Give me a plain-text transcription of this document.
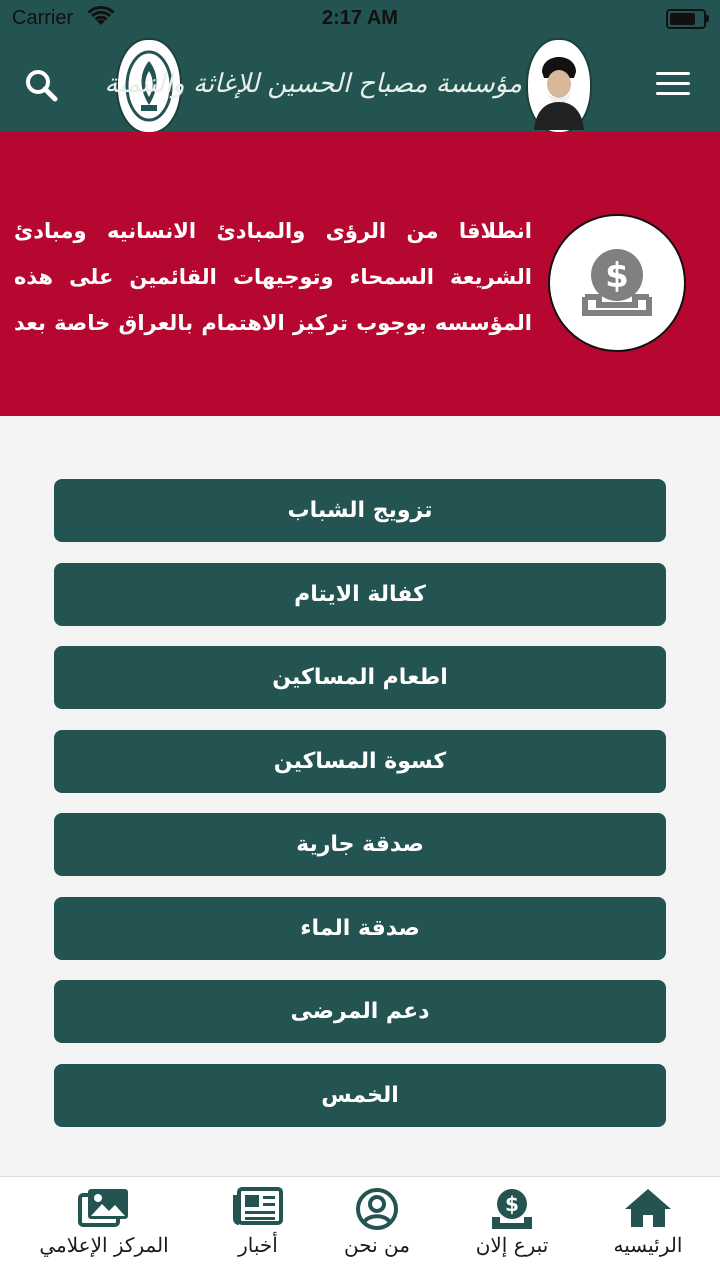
Carrier	2:17 AM
مؤسسة مصباح الحسين للإغاثة والتنمية
انطلاقا من الرؤى والمبادئ الانسانيه ومبادئ الشريعة السمحاء وتوجيهات القائمين على هذه المؤسسه بوجوب تركيز الاهتمام بالعراق خاصة بعد
$
تزويج الشباب
كفالة الايتام
اطعام المساكين
كسوة المساكين
صدقة جارية
صدقة الماء
دعم المرضى
الخمس
المركز الإعلامي	أخبار	من نحن
$
تبرع إلان	الرئيسيه
